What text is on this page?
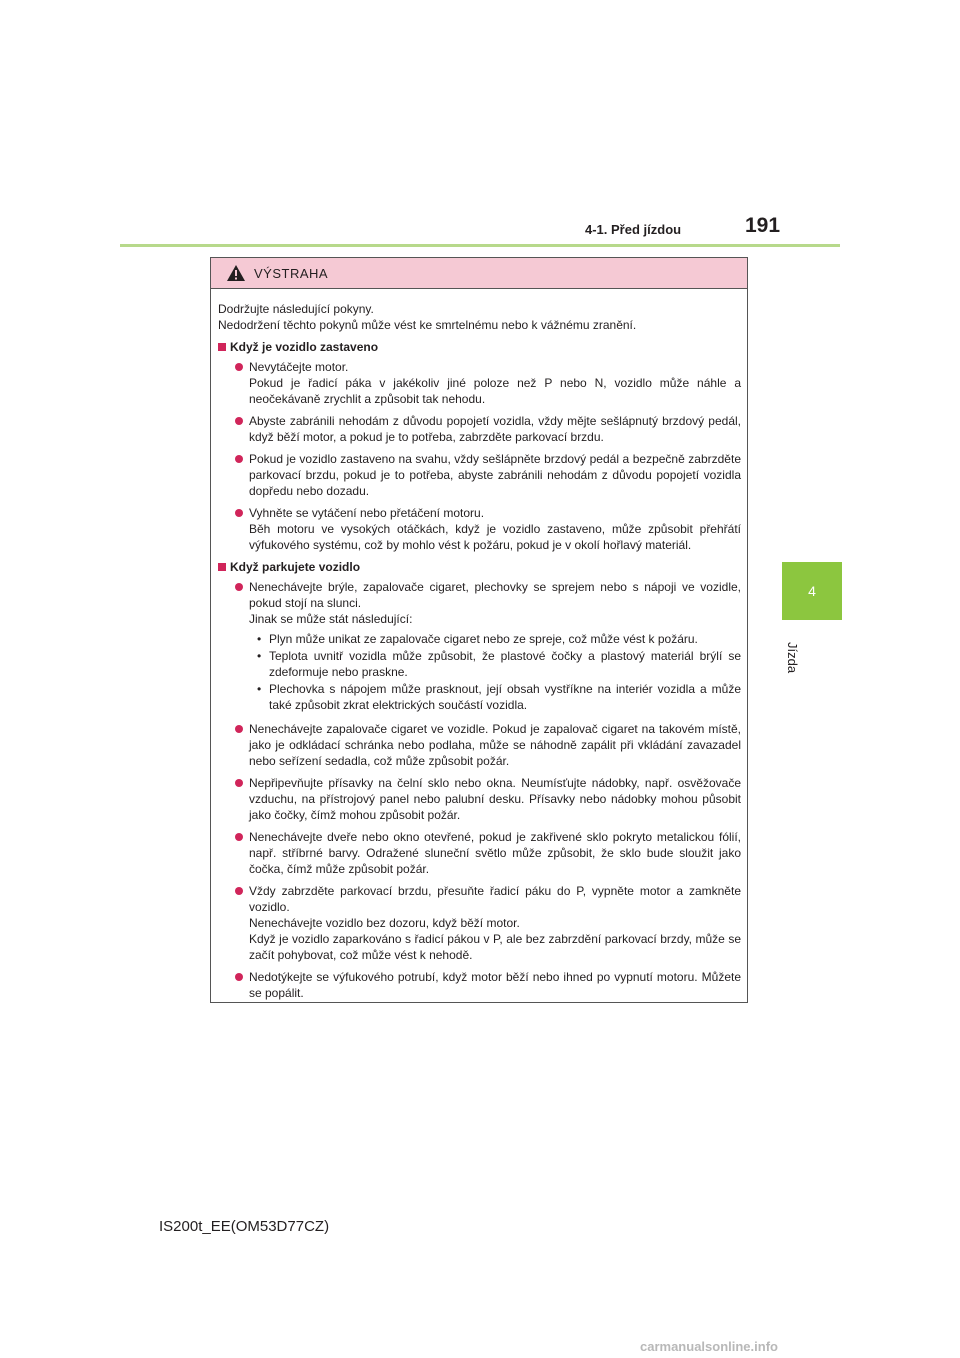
4-1. Před jízdou	191
4
Jízda
VÝSTRAHA
Dodržujte následující pokyny.
Nedodržení těchto pokynů může vést ke smrtelnému nebo k vážnému zranění.
Když je vozidlo zastaveno
Nevytáčejte motor.
Pokud je řadicí páka v jakékoliv jiné poloze než P nebo N, vozidlo může náhle a neočekávaně zrychlit a způsobit tak nehodu.
Abyste zabránili nehodám z důvodu popojetí vozidla, vždy mějte sešlápnutý brzdový pedál, když běží motor, a pokud je to potřeba, zabrzděte parkovací brzdu.
Pokud je vozidlo zastaveno na svahu, vždy sešlápněte brzdový pedál a bezpečně zabrzděte parkovací brzdu, pokud je to potřeba, abyste zabránili nehodám z důvodu popojetí vozidla dopředu nebo dozadu.
Vyhněte se vytáčení nebo přetáčení motoru.
Běh motoru ve vysokých otáčkách, když je vozidlo zastaveno, může způsobit přehřátí výfukového systému, což by mohlo vést k požáru, pokud je v okolí hořlavý materiál.
Když parkujete vozidlo
Nenechávejte brýle, zapalovače cigaret, plechovky se sprejem nebo s nápoji ve vozidle, pokud stojí na slunci.
Jinak se může stát následující:
• Plyn může unikat ze zapalovače cigaret nebo ze spreje, což může vést k požáru.
• Teplota uvnitř vozidla může způsobit, že plastové čočky a plastový materiál brýlí se zdeformuje nebo praskne.
• Plechovka s nápojem může prasknout, její obsah vystříkne na interiér vozidla a může také způsobit zkrat elektrických součástí vozidla.
Nenechávejte zapalovače cigaret ve vozidle. Pokud je zapalovač cigaret na takovém místě, jako je odkládací schránka nebo podlaha, může se náhodně zapálit při vkládání zavazadel nebo seřízení sedadla, což může způsobit požár.
Nepřipevňujte přísavky na čelní sklo nebo okna. Neumísťujte nádobky, např. osvěžovače vzduchu, na přístrojový panel nebo palubní desku. Přísavky nebo nádobky mohou působit jako čočky, čímž mohou způsobit požár.
Nenechávejte dveře nebo okno otevřené, pokud je zakřivené sklo pokryto metalickou fólií, např. stříbrné barvy. Odražené sluneční světlo může způsobit, že sklo bude sloužit jako čočka, čímž může způsobit požár.
Vždy zabrzděte parkovací brzdu, přesuňte řadicí páku do P, vypněte motor a zamkněte vozidlo.
Nenechávejte vozidlo bez dozoru, když běží motor.
Když je vozidlo zaparkováno s řadicí pákou v P, ale bez zabrzdění parkovací brzdy, může se začít pohybovat, což může vést k nehodě.
Nedotýkejte se výfukového potrubí, když motor běží nebo ihned po vypnutí motoru. Můžete se popálit.
IS200t_EE(OM53D77CZ)
carmanualsonline.info
